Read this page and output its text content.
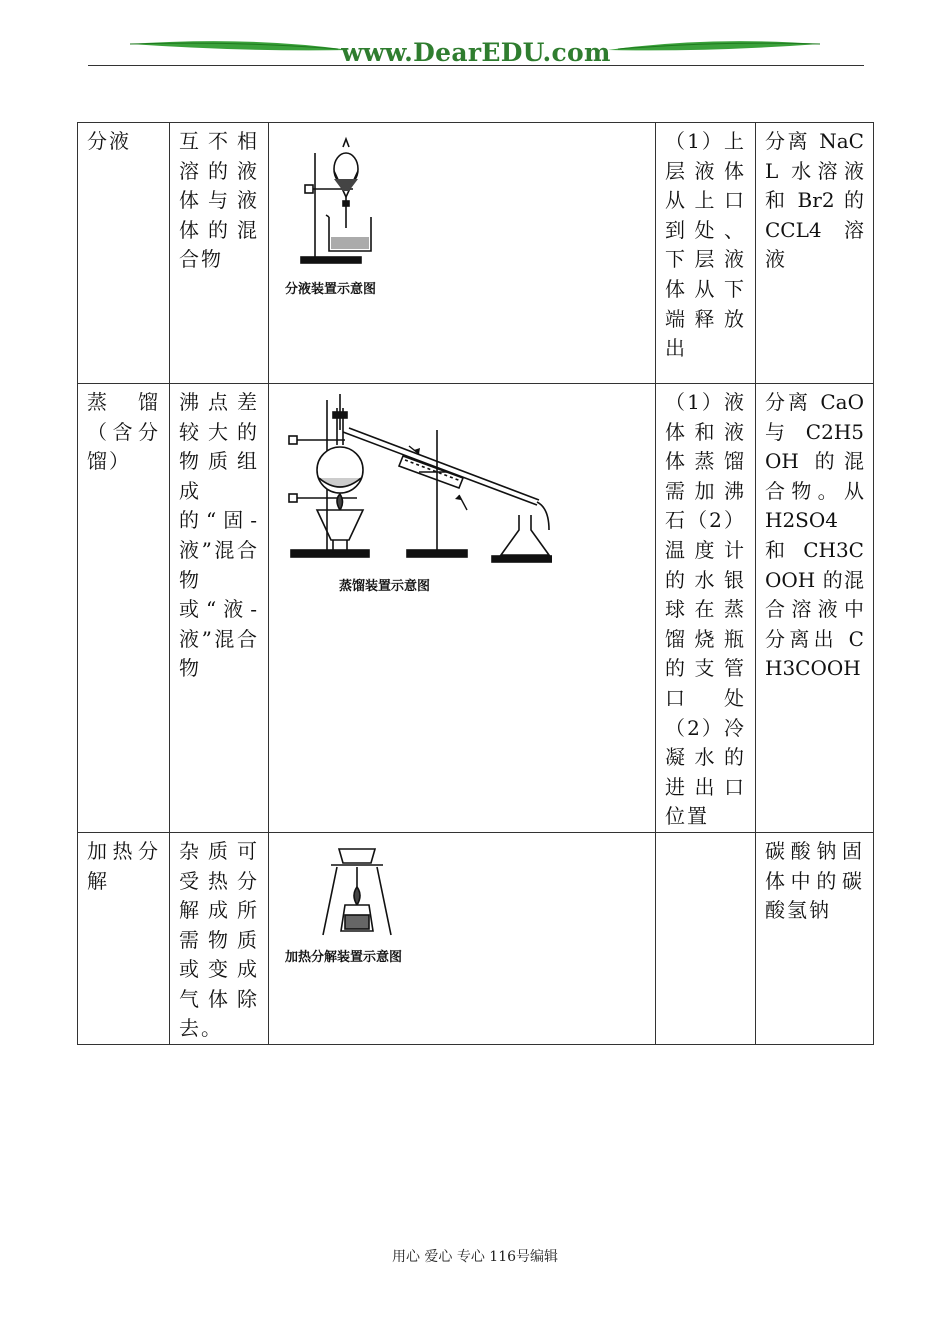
www.DearEDU.com
分液	互不相溶的液体与液体的混合物	分液装置示意图	（1）上层液体从上口到处、下层液体从下端释放出	分离 NaCL 水溶液和 Br2 的 CCL4 溶液
蒸馏（含分馏）	沸点差较大的物质组成的“固-液”混合物或“液-液”混合物	蒸馏装置示意图	（1）液体和液体蒸馏需加沸石（2）温度计的水银球在蒸馏烧瓶的支管口处（2）冷凝水的进出口位置	分离 CaO 与 C2H5OH 的混合物。从 H2SO4 和 CH3COOH 的混合溶液中分离出 CH3COOH
加热分解	杂质可受热分解成所需物质或变成气体除去。	加热分解装置示意图		碳酸钠固体中的碳酸氢钠
用心 爱心 专心 116号编辑
